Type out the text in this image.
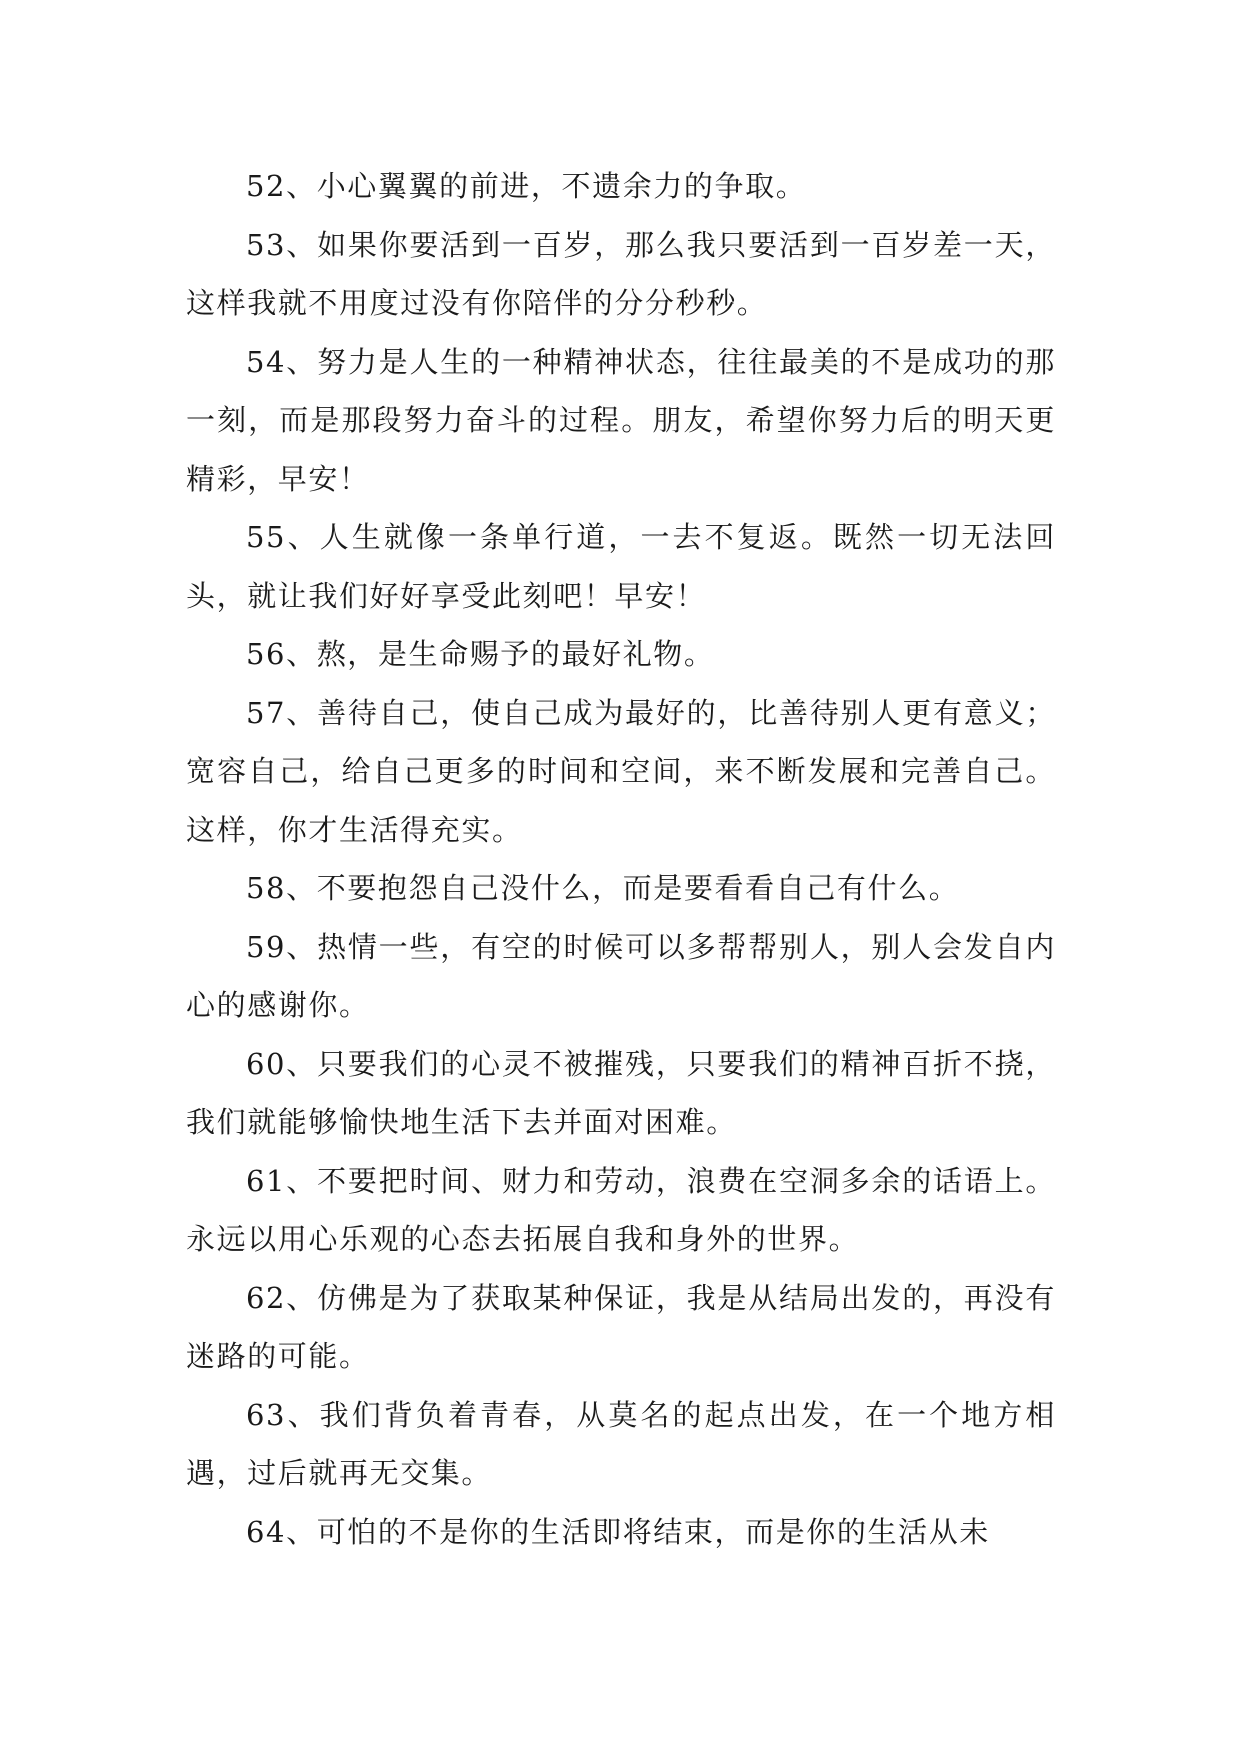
52、小心翼翼的前进，不遗余力的争取。

53、如果你要活到一百岁，那么我只要活到一百岁差一天，这样我就不用度过没有你陪伴的分分秒秒。

54、努力是人生的一种精神状态，往往最美的不是成功的那一刻，而是那段努力奋斗的过程。朋友，希望你努力后的明天更精彩，早安！

55、人生就像一条单行道，一去不复返。既然一切无法回头，就让我们好好享受此刻吧！早安！

56、熬，是生命赐予的最好礼物。

57、善待自己，使自己成为最好的，比善待别人更有意义；宽容自己，给自己更多的时间和空间，来不断发展和完善自己。这样，你才生活得充实。

58、不要抱怨自己没什么，而是要看看自己有什么。

59、热情一些，有空的时候可以多帮帮别人，别人会发自内心的感谢你。

60、只要我们的心灵不被摧残，只要我们的精神百折不挠，我们就能够愉快地生活下去并面对困难。

61、不要把时间、财力和劳动，浪费在空洞多余的话语上。永远以用心乐观的心态去拓展自我和身外的世界。

62、仿佛是为了获取某种保证，我是从结局出发的，再没有迷路的可能。

63、我们背负着青春，从莫名的起点出发，在一个地方相遇，过后就再无交集。

64、可怕的不是你的生活即将结束，而是你的生活从未
